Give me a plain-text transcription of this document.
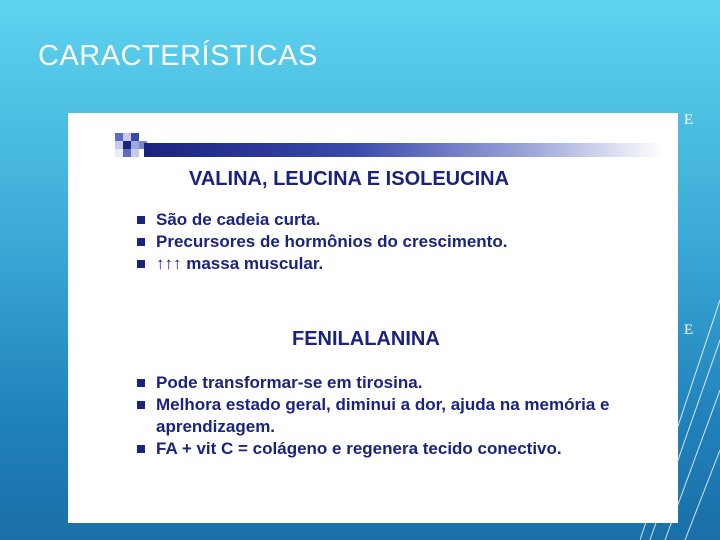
CARACTERÍSTICAS
E
E
VALINA, LEUCINA E ISOLEUCINA
São de cadeia curta.
Precursores de hormônios do crescimento.
↑↑↑ massa muscular.
FENILALANINA
Pode transformar-se em tirosina.
Melhora estado geral, diminui a dor, ajuda na memória e aprendizagem.
FA + vit C = colágeno e regenera tecido conectivo.
